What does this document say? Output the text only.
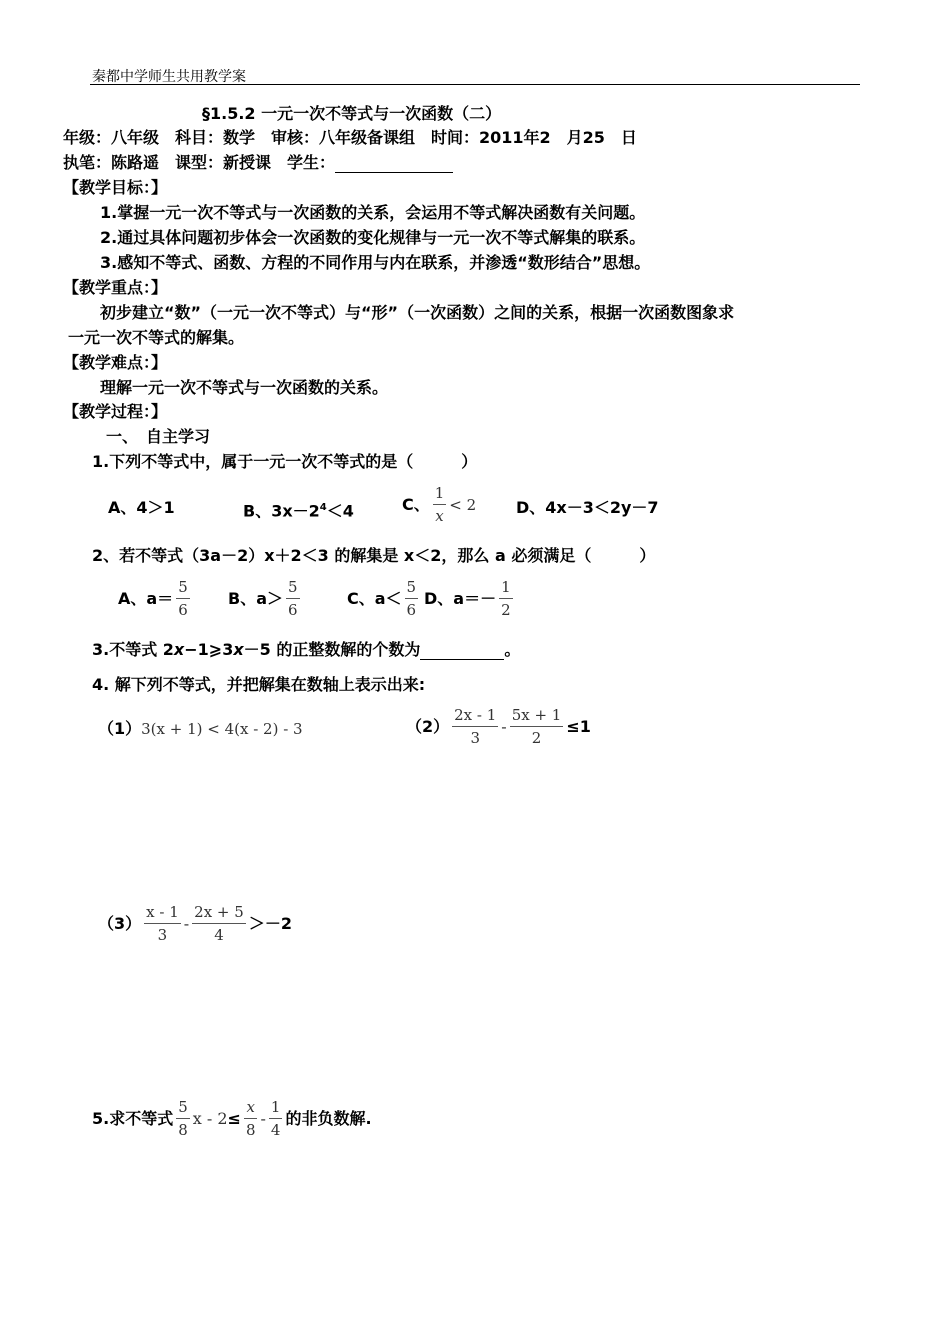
秦都中学师生共用教学案
§1.5.2 一元一次不等式与一次函数（二）
年级：八年级　科目：数学　审核：八年级备课组　时间：2011年2　月25　日
执笔：陈路遥　课型：新授课　学生：
【教学目标：】
1.掌握一元一次不等式与一次函数的关系，会运用不等式解决函数有关问题。
2.通过具体问题初步体会一次函数的变化规律与一元一次不等式解集的联系。
3.感知不等式、函数、方程的不同作用与内在联系，并渗透“数形结合”思想。
【教学重点：】
初步建立“数”（一元一次不等式）与“形”（一次函数）之间的关系，根据一次函数图象求
一元一次不等式的解集。
【教学难点：】
理解一元一次不等式与一次函数的关系。
【教学过程：】
一、　自主学习
1.下列不等式中，属于一元一次不等式的是（　　　）
A、4＞1	B、$3x-2^4<4$	C、 $\frac{1}{x} < 2$ D、4x－3＜2y－7
2、若不等式（3a－2）x＋2＜3 的解集是 x＜2，那么 a 必须满足（　　　）
A、$a= \frac{5}{6}$ B、$a> \frac{5}{6}$	C、$a< \frac{5}{6}$ D、$a=- \frac{1}{2}$
3.不等式 2x−1⩾3x－5 的正整数解的个数为	。
4. 解下列不等式，并把解集在数轴上表示出来:
（1） 3(x + 1) < 4(x - 2) - 3	$(2) \frac{2x - 1}{3} - \frac{5x + 1}{2} \le 1$
$(3) \frac{x - 1}{3} - \frac{2x + 5}{4} >-2$
5.求不等式 $\frac{5}{8}$ $x - 2 \le \frac{x}{8} - \frac{1}{4}$ 的非负数解.
